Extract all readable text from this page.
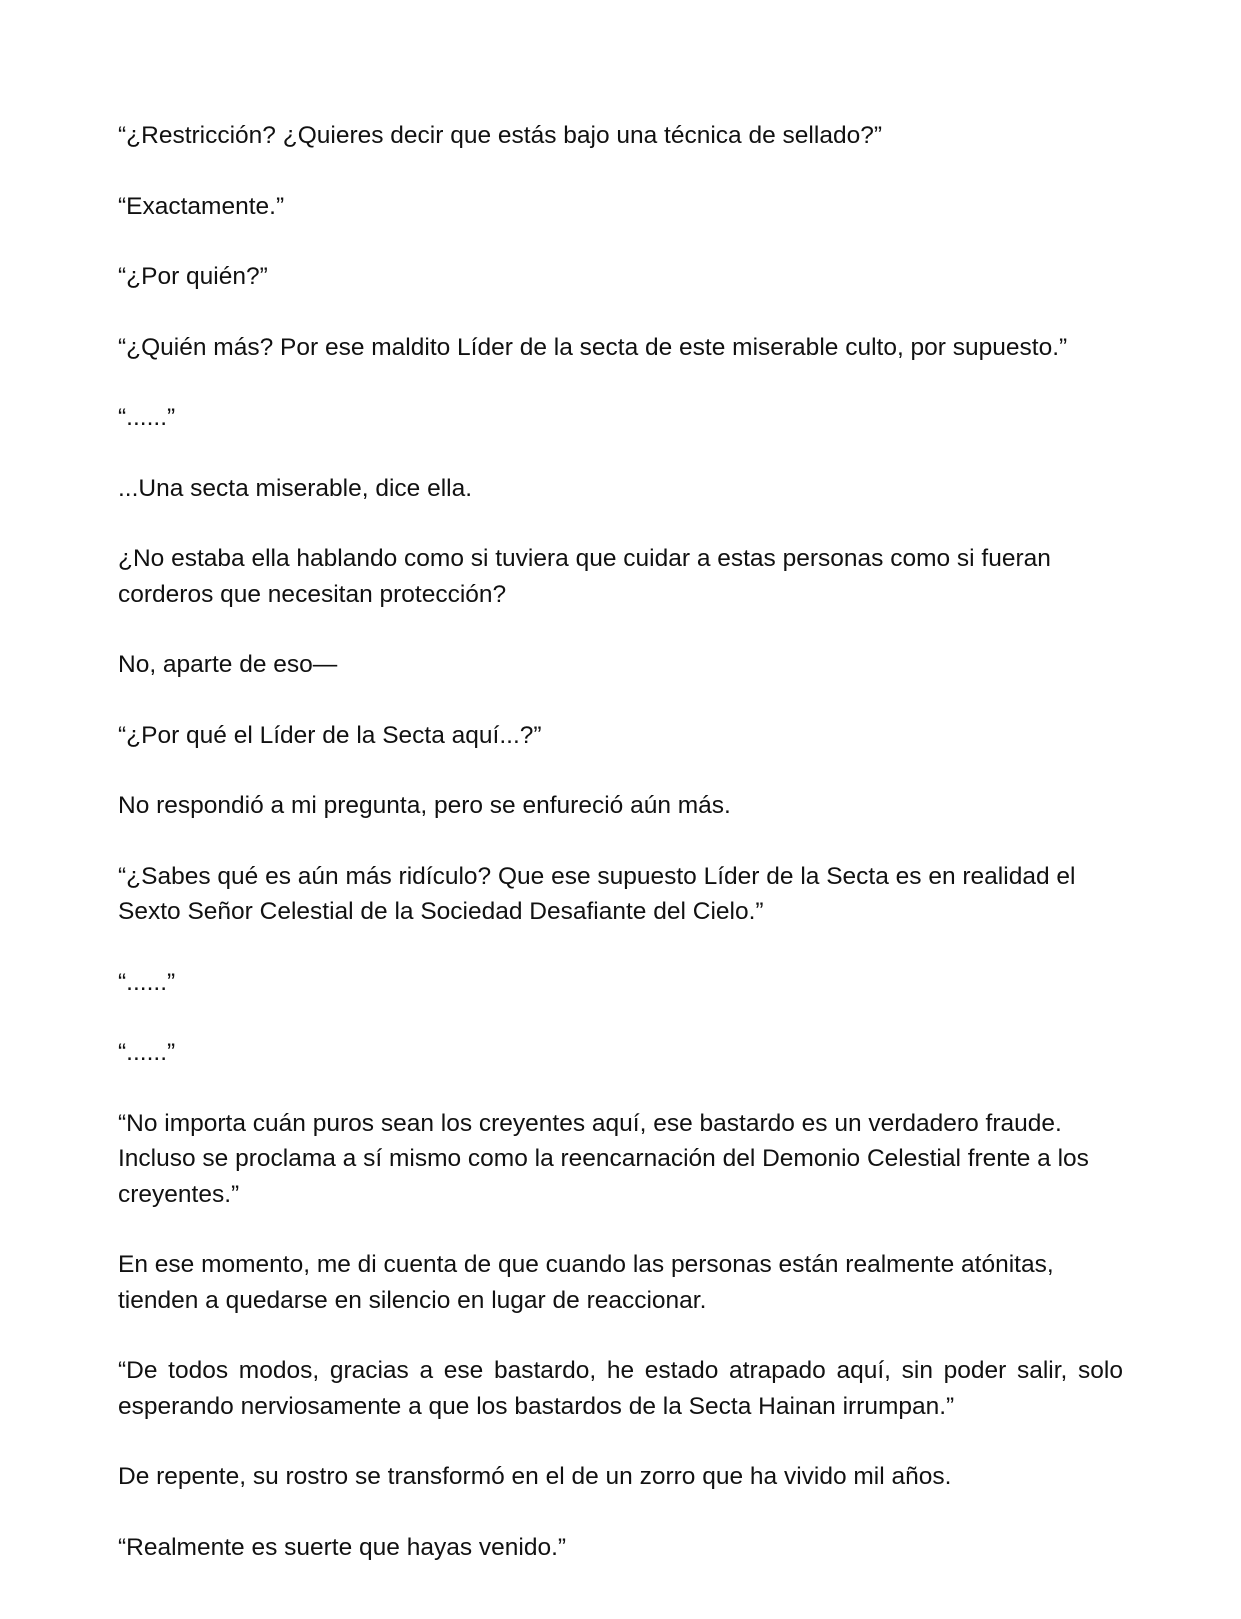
“¿Restricción? ¿Quieres decir que estás bajo una técnica de sellado?”

“Exactamente.”

“¿Por quién?”

“¿Quién más? Por ese maldito Líder de la secta de este miserable culto, por supuesto.”

“......”

...Una secta miserable, dice ella.

¿No estaba ella hablando como si tuviera que cuidar a estas personas como si fueran corderos que necesitan protección?

No, aparte de eso—

“¿Por qué el Líder de la Secta aquí...?”

No respondió a mi pregunta, pero se enfureció aún más.

“¿Sabes qué es aún más ridículo? Que ese supuesto Líder de la Secta es en realidad el Sexto Señor Celestial de la Sociedad Desafiante del Cielo.”

“......”

“......”

“No importa cuán puros sean los creyentes aquí, ese bastardo es un verdadero fraude. Incluso se proclama a sí mismo como la reencarnación del Demonio Celestial frente a los creyentes.”

En ese momento, me di cuenta de que cuando las personas están realmente atónitas, tienden a quedarse en silencio en lugar de reaccionar.

“De todos modos, gracias a ese bastardo, he estado atrapado aquí, sin poder salir, solo esperando nerviosamente a que los bastardos de la Secta Hainan irrumpan.”

De repente, su rostro se transformó en el de un zorro que ha vivido mil años.

“Realmente es suerte que hayas venido.”
